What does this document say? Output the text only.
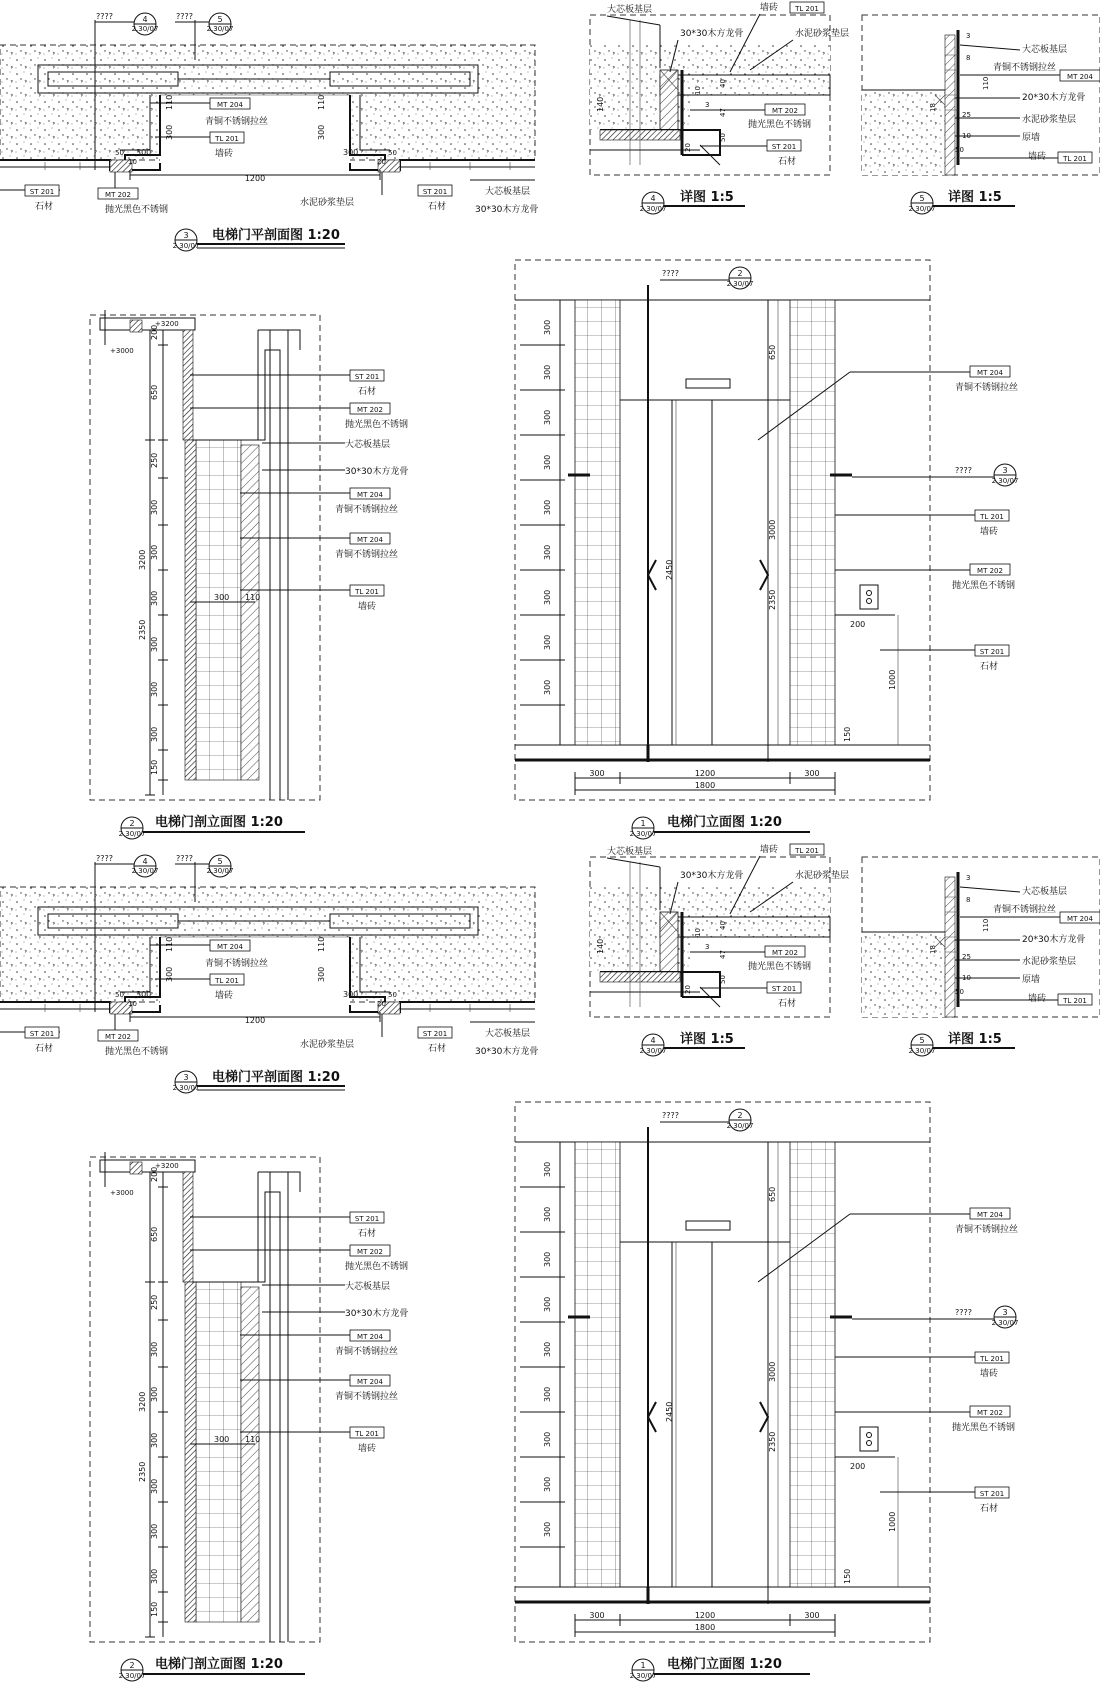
1200
300	300
300	300
110	110
50	50
10	20
MT 204
青铜不锈钢拉丝
TL 201
墙砖
MT 202
抛光黑色不锈钢
ST 201
石材	水泥砂浆垫层
ST 201
石材
大芯板基层
30*30木方龙骨
????	4
2.30/07
????	5
2.30/07
3
2.30/07
电梯门平剖面图 1:20
140
10
40
3
47
50
20
大芯板基层
30*30木方龙骨
墙砖 TL 201
水泥砂浆垫层
MT 202
抛光黑色不锈钢
ST 201
石材
4
2.30/07
详图 1:5
3
8
110
18
25
10
50
大芯板基层
青铜不锈钢拉丝
MT 204
20*30木方龙骨
水泥砂浆垫层
原墙
墙砖 TL 201
5
2.30/07
详图 1:5
+3200
+3000
200
650
3200
2350
250
300
300
300
300
300
300
150
300 110
ST 201
石材
MT 202
抛光黑色不锈钢
大芯板基层
30*30木方龙骨
MT 204
青铜不锈钢拉丝
MT 204
青铜不锈钢拉丝
TL 201
墙砖
2
2.30/07
电梯门剖立面图 1:20
300
300
300
300
300
300
300
300
300
2450
650
3000
2350
200
1000
150
300	1200	300
1800
MT 204
青铜不锈钢拉丝
TL 201
墙砖
MT 202
抛光黑色不锈钢
ST 201
石材
????	2
2.30/07
????	3
2.30/07
1
2.30/07
电梯门立面图 1:20
1200
300	300
300	300
110	110
50	50
10	20
MT 204
青铜不锈钢拉丝
TL 201
墙砖
MT 202
抛光黑色不锈钢
ST 201
石材	水泥砂浆垫层
ST 201
石材
大芯板基层
30*30木方龙骨
????	4
2.30/07
????	5
2.30/07
3
2.30/07
电梯门平剖面图 1:20
140
10
40
3
47
50
20
大芯板基层
30*30木方龙骨
墙砖 TL 201
水泥砂浆垫层
MT 202
抛光黑色不锈钢
ST 201
石材
4
2.30/07
详图 1:5
3
8
110
18
25
10
50
大芯板基层
青铜不锈钢拉丝
MT 204
20*30木方龙骨
水泥砂浆垫层
原墙
墙砖 TL 201
5
2.30/07
详图 1:5
+3200
+3000
200
650
3200
2350
250
300
300
300
300
300
300
150
300 110
ST 201
石材
MT 202
抛光黑色不锈钢
大芯板基层
30*30木方龙骨
MT 204
青铜不锈钢拉丝
MT 204
青铜不锈钢拉丝
TL 201
墙砖
2
2.30/07
电梯门剖立面图 1:20
300
300
300
300
300
300
300
300
300
2450
650
3000
2350
200
1000
150
300	1200	300
1800
MT 204
青铜不锈钢拉丝
TL 201
墙砖
MT 202
抛光黑色不锈钢
ST 201
石材
????	2
2.30/07
????	3
2.30/07
1
2.30/07
电梯门立面图 1:20
